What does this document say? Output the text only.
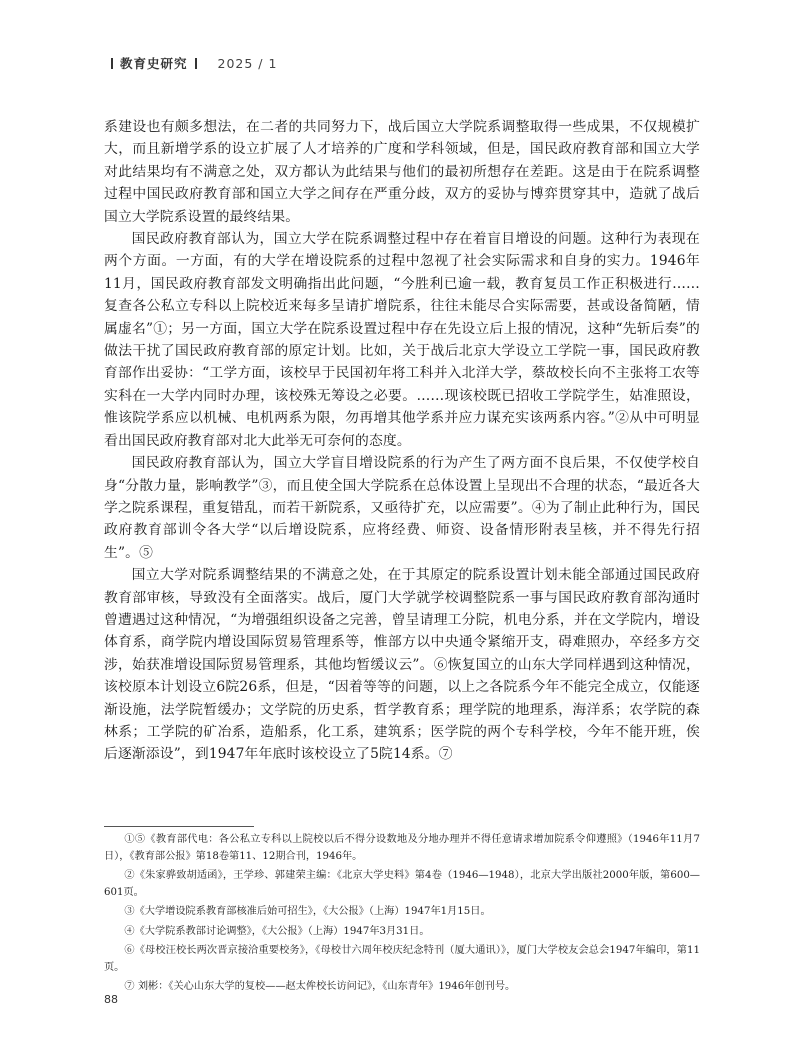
教育史研究 2025 / 1

系建设也有颇多想法，在二者的共同努力下，战后国立大学院系调整取得一些成果，不仅规模扩大，而且新增学系的设立扩展了人才培养的广度和学科领域，但是，国民政府教育部和国立大学对此结果均有不满意之处，双方都认为此结果与他们的最初所想存在差距。这是由于在院系调整过程中国民政府教育部和国立大学之间存在严重分歧，双方的妥协与博弈贯穿其中，造就了战后国立大学院系设置的最终结果。

国民政府教育部认为，国立大学在院系调整过程中存在着盲目增设的问题。这种行为表现在两个方面。一方面，有的大学在增设院系的过程中忽视了社会实际需求和自身的实力。1946年11月，国民政府教育部发文明确指出此问题，“今胜利已逾一载，教育复员工作正积极进行……复查各公私立专科以上院校近来每多呈请扩增院系，往往未能尽合实际需要，甚或设备简陋，情属虚名”①；另一方面，国立大学在院系设置过程中存在先设立后上报的情况，这种“先斩后奏”的做法干扰了国民政府教育部的原定计划。比如，关于战后北京大学设立工学院一事，国民政府教育部作出妥协：“工学方面，该校早于民国初年将工科并入北洋大学，蔡故校长向不主张将工农等实科在一大学内同时办理，该校殊无筹设之必要。……现该校既已招收工学院学生，姑准照设，惟该院学系应以机械、电机两系为限，勿再增其他学系并应力谋充实该两系内容。”②从中可明显看出国民政府教育部对北大此举无可奈何的态度。

国民政府教育部认为，国立大学盲目增设院系的行为产生了两方面不良后果，不仅使学校自身“分散力量，影响教学”③，而且使全国大学院系在总体设置上呈现出不合理的状态，“最近各大学之院系课程，重复错乱，而若干新院系，又亟待扩充，以应需要”。④为了制止此种行为，国民政府教育部训令各大学“以后增设院系，应将经费、师资、设备情形附表呈核，并不得先行招生”。⑤

国立大学对院系调整结果的不满意之处，在于其原定的院系设置计划未能全部通过国民政府教育部审核，导致没有全面落实。战后，厦门大学就学校调整院系一事与国民政府教育部沟通时曾遭遇过这种情况，“为增强组织设备之完善，曾呈请理工分院，机电分系，并在文学院内，增设体育系，商学院内增设国际贸易管理系等，惟部方以中央通令紧缩开支，碍难照办，卒经多方交涉，始获准增设国际贸易管理系，其他均暂缓议云”。⑥恢复国立的山东大学同样遇到这种情况，该校原本计划设立6院26系，但是，“因着等等的问题，以上之各院系今年不能完全成立，仅能逐渐设施，法学院暂缓办；文学院的历史系，哲学教育系；理学院的地理系，海洋系；农学院的森林系；工学院的矿冶系，造船系，化工系，建筑系；医学院的两个专科学校，今年不能开班，俟后逐渐添设”，到1947年年底时该校设立了5院14系。⑦

①⑤《教育部代电：各公私立专科以上院校以后不得分设数地及分地办理并不得任意请求增加院系令仰遵照》（1946年11月7日），《教育部公报》第18卷第11、12期合刊，1946年。
②《朱家骅致胡适函》，王学珍、郭建荣主编：《北京大学史料》第4卷（1946—1948），北京大学出版社2000年版，第600—601页。
③《大学增设院系教育部核准后始可招生》，《大公报》（上海）1947年1月15日。
④《大学院系教部讨论调整》，《大公报》（上海）1947年3月31日。
⑥《母校汪校长两次晋京接洽重要校务》，《母校廿六周年校庆纪念特刊（厦大通讯）》，厦门大学校友会总会1947年编印，第11页。
⑦ 刘彬：《关心山东大学的复校——赵太侔校长访问记》，《山东青年》1946年创刊号。
88
